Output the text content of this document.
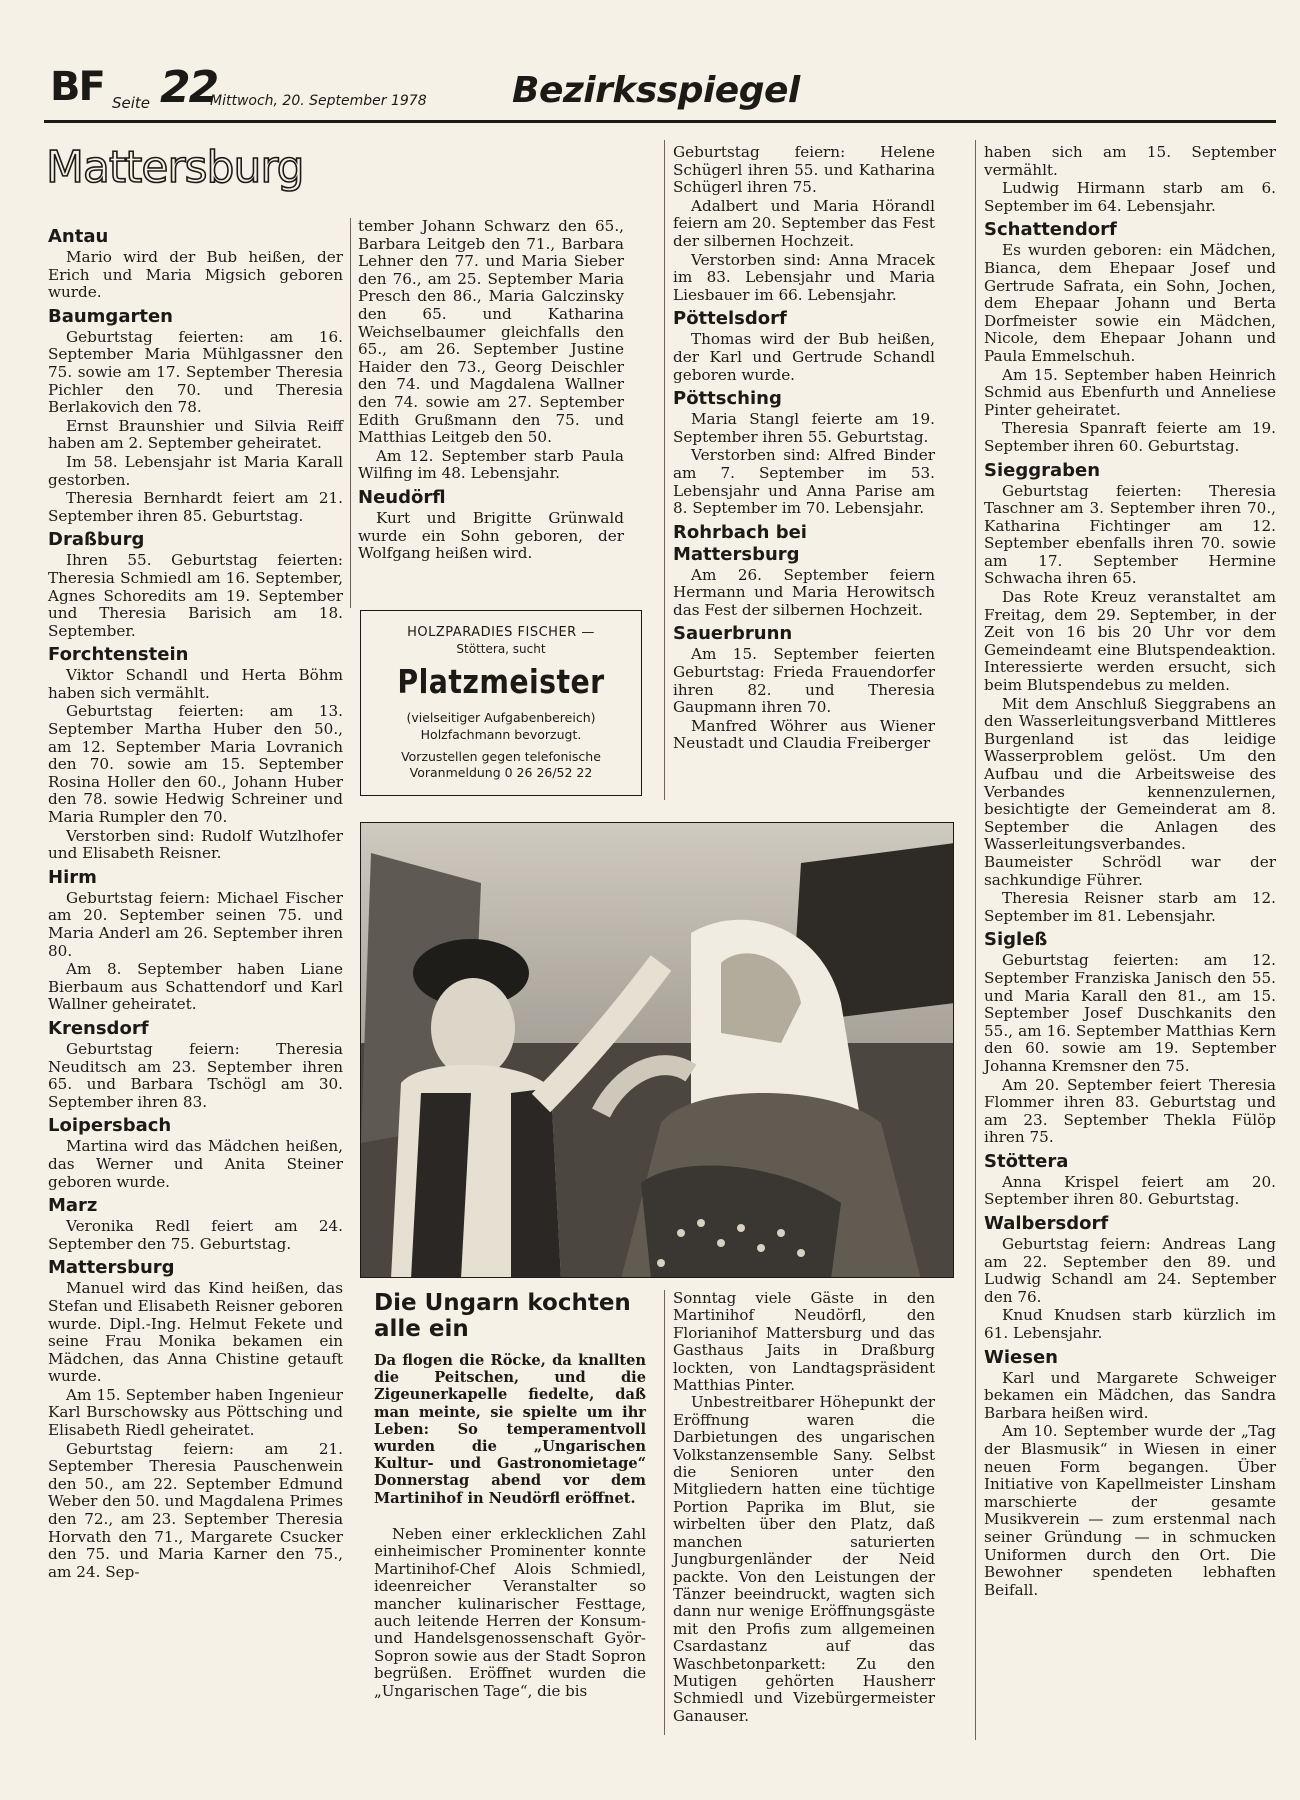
BF Seite 22
Mittwoch, 20. September 1978 Bezirksspiegel
Mattersburg
Antau

Mario wird der Bub heißen, der Erich und Maria Migsich geboren wurde.

Baumgarten

Geburtstag feierten: am 16. September Maria Mühlgassner den 75. sowie am 17. September Theresia Pichler den 70. und Theresia Berlakovich den 78.

Ernst Braunshier und Silvia Reiff haben am 2. September geheiratet.

Im 58. Lebensjahr ist Maria Karall gestorben.

Theresia Bernhardt feiert am 21. September ihren 85. Geburtstag.

Draßburg

Ihren 55. Geburtstag feierten: Theresia Schmiedl am 16. September, Agnes Schoredits am 19. September und Theresia Barisich am 18. September.

Forchtenstein

Viktor Schandl und Herta Böhm haben sich vermählt.

Geburtstag feierten: am 13. September Martha Huber den 50., am 12. September Maria Lovranich den 70. sowie am 15. September Rosina Holler den 60., Johann Huber den 78. sowie Hedwig Schreiner und Maria Rumpler den 70.

Verstorben sind: Rudolf Wutzlhofer und Elisabeth Reisner.

Hirm

Geburtstag feiern: Michael Fischer am 20. September seinen 75. und Maria Anderl am 26. September ihren 80.

Am 8. September haben Liane Bierbaum aus Schattendorf und Karl Wallner geheiratet.

Krensdorf

Geburtstag feiern: Theresia Neuditsch am 23. September ihren 65. und Barbara Tschögl am 30. September ihren 83.

Loipersbach

Martina wird das Mädchen heißen, das Werner und Anita Steiner geboren wurde.

Marz

Veronika Redl feiert am 24. September den 75. Geburtstag.

Mattersburg

Manuel wird das Kind heißen, das Stefan und Elisabeth Reisner geboren wurde. Dipl.-Ing. Helmut Fekete und seine Frau Monika bekamen ein Mädchen, das Anna Chistine getauft wurde.

Am 15. September haben Ingenieur Karl Burschowsky aus Pöttsching und Elisabeth Riedl geheiratet.

Geburtstag feiern: am 21. September Theresia Pauschenwein den 50., am 22. September Edmund Weber den 50. und Magdalena Primes den 72., am 23. September Theresia Horvath den 71., Margarete Csucker den 75. und Maria Karner den 75., am 24. Sep-

tember Johann Schwarz den 65., Barbara Leitgeb den 71., Barbara Lehner den 77. und Maria Sieber den 76., am 25. September Maria Presch den 86., Maria Galczinsky den 65. und Katharina Weichselbaumer gleichfalls den 65., am 26. September Justine Haider den 73., Georg Deischler den 74. und Magdalena Wallner den 74. sowie am 27. September Edith Grußmann den 75. und Matthias Leitgeb den 50.

Am 12. September starb Paula Wilfing im 48. Lebensjahr.

Neudörfl

Kurt und Brigitte Grünwald wurde ein Sohn geboren, der Wolfgang heißen wird.

Geburtstag feiern: Helene Schügerl ihren 55. und Katharina Schügerl ihren 75.

Adalbert und Maria Hörandl feiern am 20. September das Fest der silbernen Hochzeit.

Verstorben sind: Anna Mracek im 83. Lebensjahr und Maria Liesbauer im 66. Lebensjahr.

Pöttelsdorf

Thomas wird der Bub heißen, der Karl und Gertrude Schandl geboren wurde.

Pöttsching

Maria Stangl feierte am 19. September ihren 55. Geburtstag.

Verstorben sind: Alfred Binder am 7. September im 53. Lebensjahr und Anna Parise am 8. September im 70. Lebensjahr.

Rohrbach bei Mattersburg

Am 26. September feiern Hermann und Maria Herowitsch das Fest der silbernen Hochzeit.

Sauerbrunn

Am 15. September feierten Geburtstag: Frieda Frauendorfer ihren 82. und Theresia Gaupmann ihren 70.

Manfred Wöhrer aus Wiener Neustadt und Claudia Freiberger

haben sich am 15. September vermählt.

Ludwig Hirmann starb am 6. September im 64. Lebensjahr.

Schattendorf

Es wurden geboren: ein Mädchen, Bianca, dem Ehepaar Josef und Gertrude Safrata, ein Sohn, Jochen, dem Ehepaar Johann und Berta Dorfmeister sowie ein Mädchen, Nicole, dem Ehepaar Johann und Paula Emmelschuh.

Am 15. September haben Heinrich Schmid aus Ebenfurth und Anneliese Pinter geheiratet.

Theresia Spanraft feierte am 19. September ihren 60. Geburtstag.

Sieggraben

Geburtstag feierten: Theresia Taschner am 3. September ihren 70., Katharina Fichtinger am 12. September ebenfalls ihren 70. sowie am 17. September Hermine Schwacha ihren 65.

Das Rote Kreuz veranstaltet am Freitag, dem 29. September, in der Zeit von 16 bis 20 Uhr vor dem Gemeindeamt eine Blutspendeaktion. Interessierte werden ersucht, sich beim Blutspendebus zu melden.

Mit dem Anschluß Sieggrabens an den Wasserleitungsverband Mittleres Burgenland ist das leidige Wasserproblem gelöst. Um den Aufbau und die Arbeitsweise des Verbandes kennenzulernen, besichtigte der Gemeinderat am 8. September die Anlagen des Wasserleitungsverbandes. Baumeister Schrödl war der sachkundige Führer.

Theresia Reisner starb am 12. September im 81. Lebensjahr.

Sigleß

Geburtstag feierten: am 12. September Franziska Janisch den 55. und Maria Karall den 81., am 15. September Josef Duschkanits den 55., am 16. September Matthias Kern den 60. sowie am 19. September Johanna Kremsner den 75.

Am 20. September feiert Theresia Flommer ihren 83. Geburtstag und am 23. September Thekla Fülöp ihren 75.

Stöttera

Anna Krispel feiert am 20. September ihren 80. Geburtstag.

Walbersdorf

Geburtstag feiern: Andreas Lang am 22. September den 89. und Ludwig Schandl am 24. September den 76.

Knud Knudsen starb kürzlich im 61. Lebensjahr.

Wiesen

Karl und Margarete Schweiger bekamen ein Mädchen, das Sandra Barbara heißen wird.

Am 10. September wurde der „Tag der Blasmusik“ in Wiesen in einer neuen Form begangen. Über Initiative von Kapellmeister Linsham marschierte der gesamte Musikverein — zum erstenmal nach seiner Gründung — in schmucken Uniformen durch den Ort. Die Bewohner spendeten lebhaften Beifall.

HOLZPARADIES FISCHER —
Stöttera, sucht
Platzmeister
(vielseitiger Aufgabenbereich)
Holzfachmann bevorzugt.
Vorzustellen gegen telefonische
Voranmeldung 0 26 26/52 22
Die Ungarn kochten alle ein
Da flogen die Röcke, da knallten die Peitschen, und die Zigeunerkapelle fiedelte, daß man meinte, sie spielte um ihr Leben: So temperamentvoll wurden die „Ungarischen Kultur- und Gastronomietage“ Donnerstag abend vor dem Martinihof in Neudörfl eröffnet.
Neben einer erklecklichen Zahl einheimischer Prominenter konnte Martinihof-Chef Alois Schmiedl, ideenreicher Veranstalter so mancher kulinarischer Festtage, auch leitende Herren der Konsum- und Handelsgenossenschaft Györ-Sopron sowie aus der Stadt Sopron begrüßen. Eröffnet wurden die „Ungarischen Tage“, die bis

Sonntag viele Gäste in den Martinihof Neudörfl, den Florianihof Mattersburg und das Gasthaus Jaits in Draßburg lockten, von Landtagspräsident Matthias Pinter.

Unbestreitbarer Höhepunkt der Eröffnung waren die Darbietungen des ungarischen Volkstanzensemble Sany. Selbst die Senioren unter den Mitgliedern hatten eine tüchtige Portion Paprika im Blut, sie wirbelten über den Platz, daß manchen saturierten Jungburgenländer der Neid packte. Von den Leistungen der Tänzer beeindruckt, wagten sich dann nur wenige Eröffnungsgäste mit den Profis zum allgemeinen Csardastanz auf das Waschbetonparkett: Zu den Mutigen gehörten Hausherr Schmiedl und Vizebürgermeister Ganauser.
